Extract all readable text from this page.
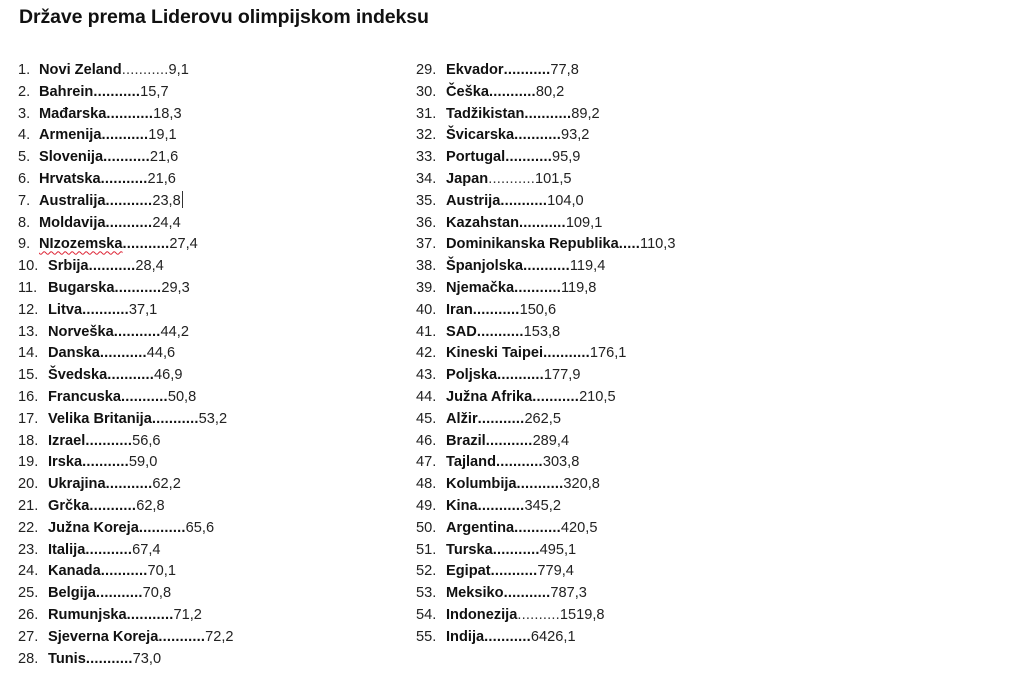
Države prema Liderovu olimpijskom indeksu
1. Novi Zeland...........9,1
2. Bahrein...........15,7
3. Mađarska...........18,3
4. Armenija...........19,1
5. Slovenija...........21,6
6. Hrvatska...........21,6
7. Australija...........23,8
8. Moldavija...........24,4
9. NIzozemska...........27,4
10. Srbija...........28,4
11. Bugarska...........29,3
12. Litva...........37,1
13. Norveška...........44,2
14. Danska...........44,6
15. Švedska...........46,9
16. Francuska...........50,8
17. Velika Britanija...........53,2
18. Izrael...........56,6
19. Irska...........59,0
20. Ukrajina...........62,2
21. Grčka...........62,8
22. Južna Koreja...........65,6
23. Italija...........67,4
24. Kanada...........70,1
25. Belgija...........70,8
26. Rumunjska...........71,2
27. Sjeverna Koreja...........72,2
28. Tunis...........73,0
29. Ekvador...........77,8
30. Češka...........80,2
31. Tadžikistan...........89,2
32. Švicarska...........93,2
33. Portugal...........95,9
34. Japan...........101,5
35. Austrija...........104,0
36. Kazahstan...........109,1
37. Dominikanska Republika.....110,3
38. Španjolska...........119,4
39. Njemačka...........119,8
40. Iran...........150,6
41. SAD...........153,8
42. Kineski Taipei...........176,1
43. Poljska...........177,9
44. Južna Afrika...........210,5
45. Alžir...........262,5
46. Brazil...........289,4
47. Tajland...........303,8
48. Kolumbija...........320,8
49. Kina...........345,2
50. Argentina...........420,5
51. Turska...........495,1
52. Egipat...........779,4
53. Meksiko...........787,3
54. Indonezija..........1519,8
55. Indija...........6426,1
